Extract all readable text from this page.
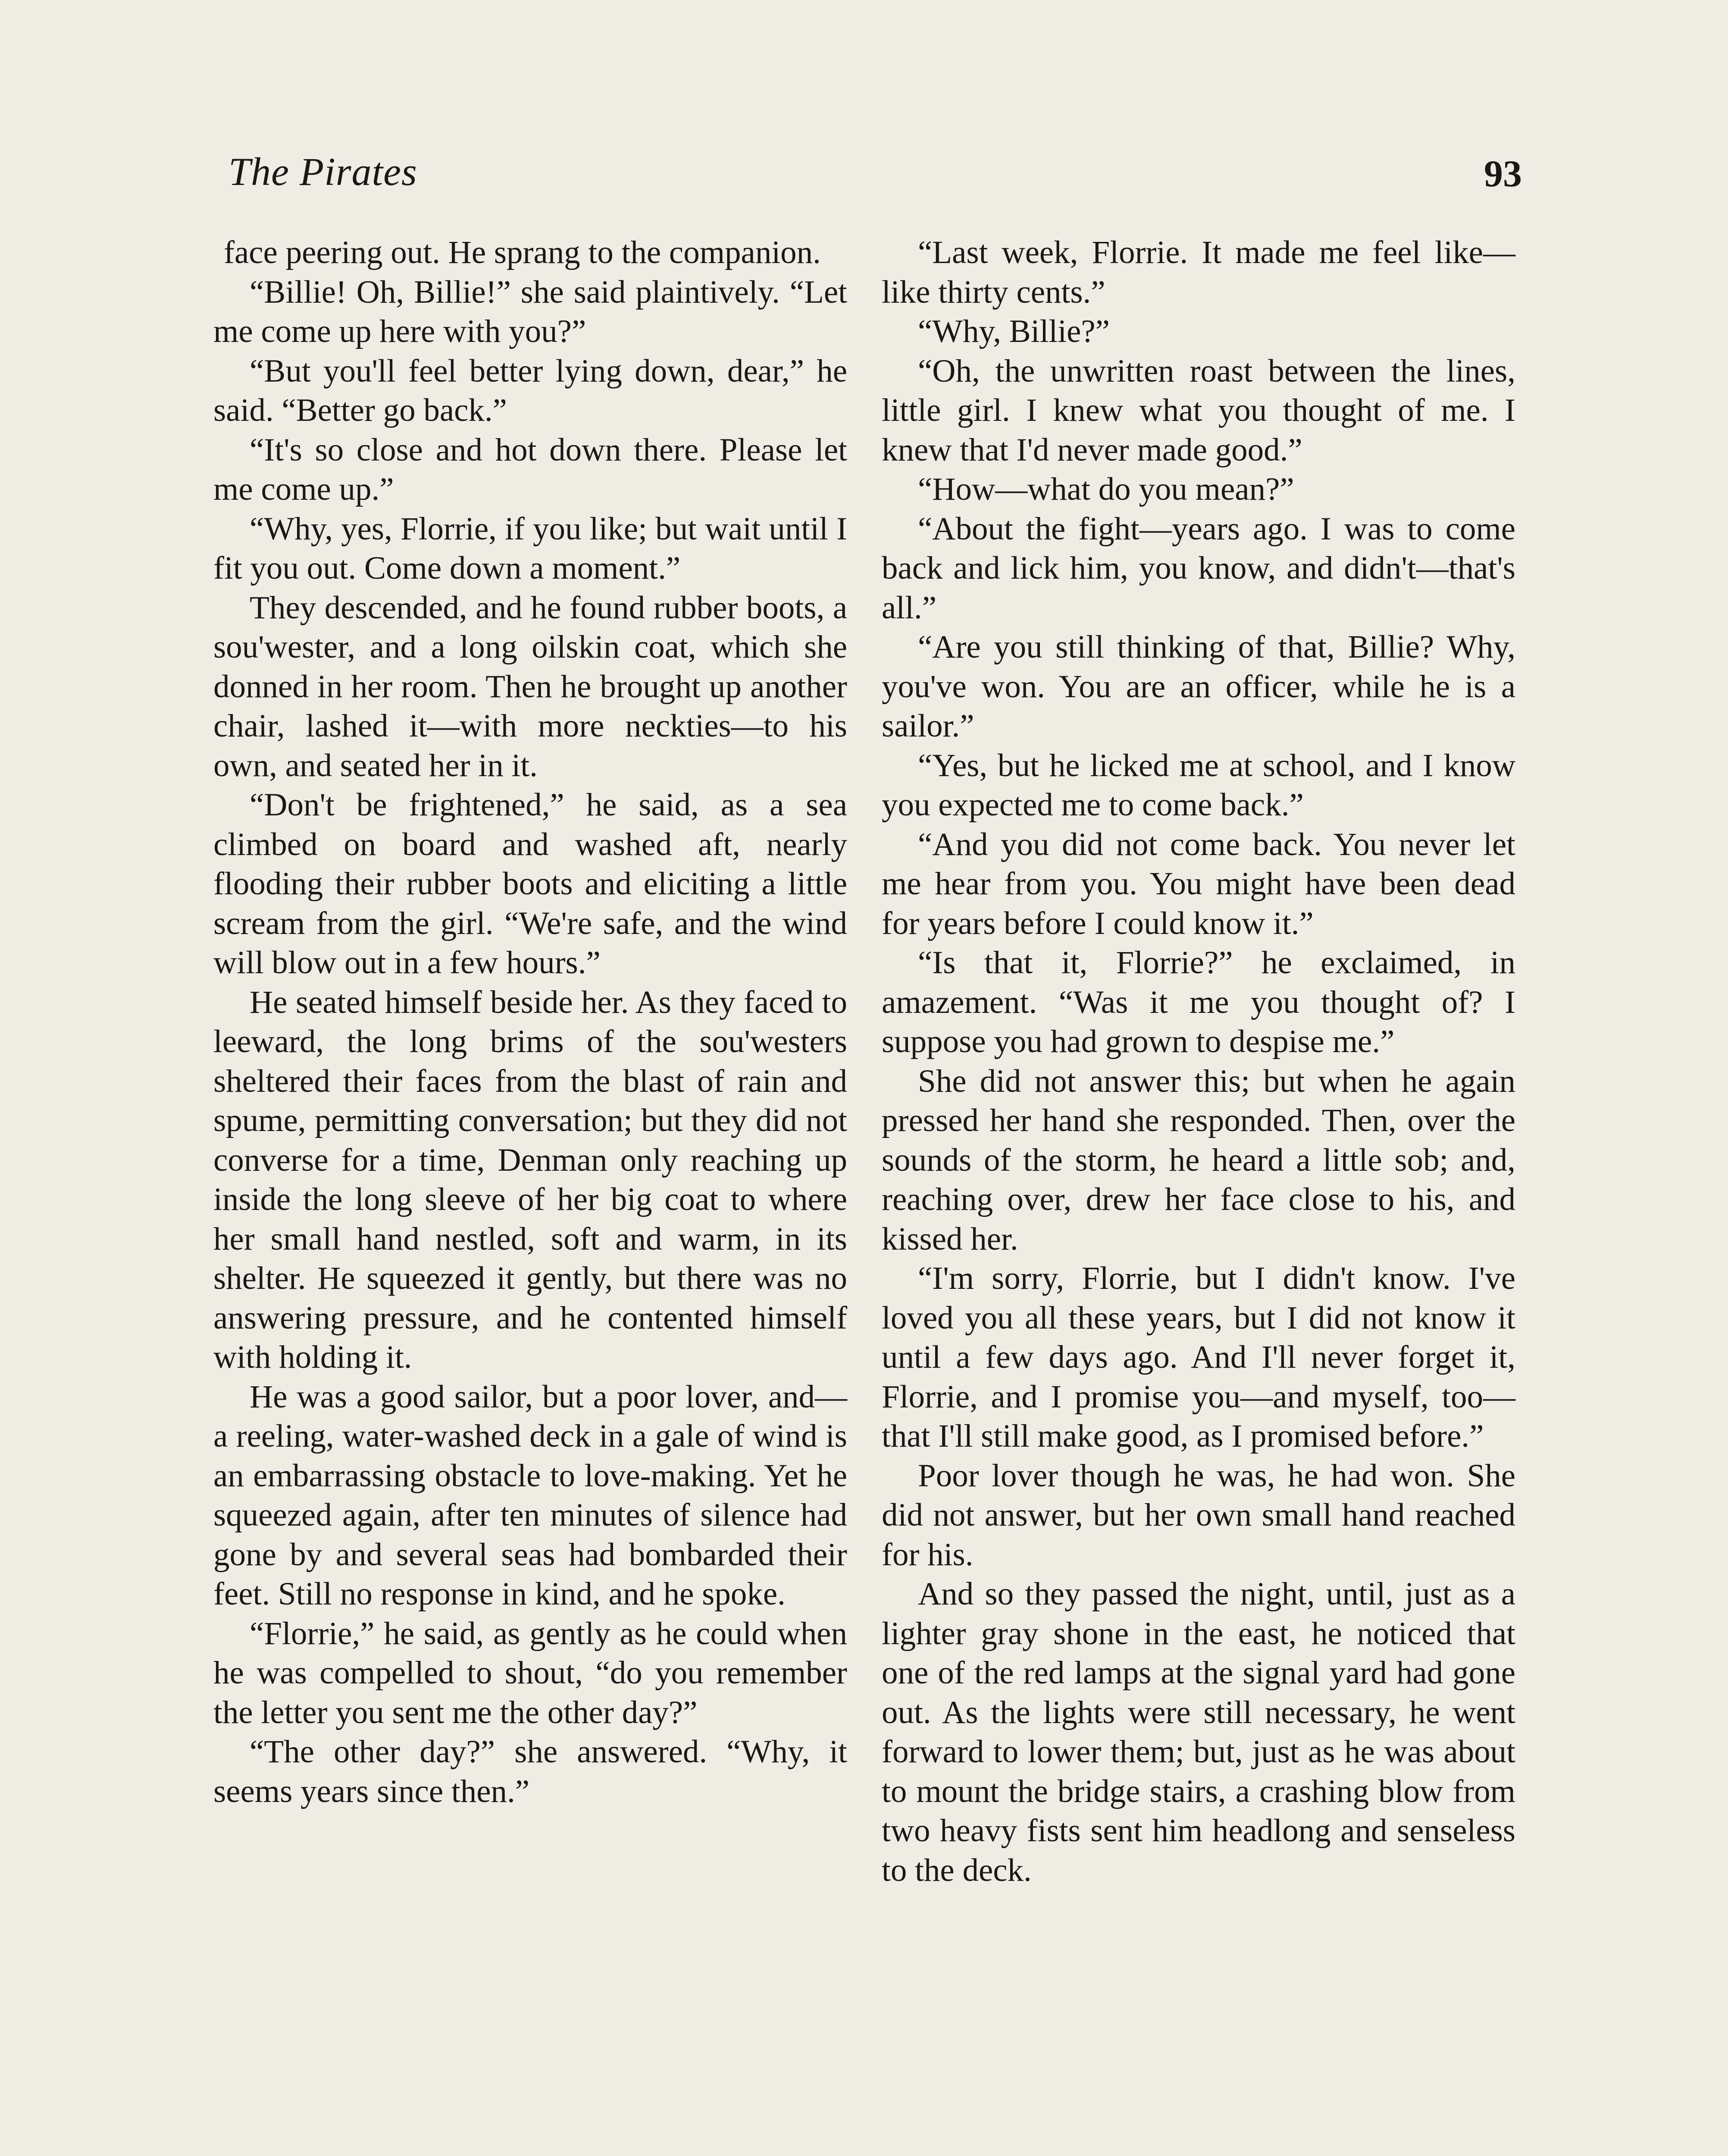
The Pirates	93

face peering out. He sprang to the companion.

“Billie! Oh, Billie!” she said plaintively. “Let me come up here with you?”

“But you'll feel better lying down, dear,” he said. “Better go back.”

“It's so close and hot down there. Please let me come up.”

“Why, yes, Florrie, if you like; but wait until I fit you out. Come down a moment.”

They descended, and he found rubber boots, a sou'wester, and a long oilskin coat, which she donned in her room. Then he brought up another chair, lashed it—with more neckties—to his own, and seated her in it.

“Don't be frightened,” he said, as a sea climbed on board and washed aft, nearly flooding their rubber boots and eliciting a little scream from the girl. “We're safe, and the wind will blow out in a few hours.”

He seated himself beside her. As they faced to leeward, the long brims of the sou'westers sheltered their faces from the blast of rain and spume, permitting conversation; but they did not converse for a time, Denman only reaching up inside the long sleeve of her big coat to where her small hand nestled, soft and warm, in its shelter. He squeezed it gently, but there was no answering pressure, and he contented himself with holding it.

He was a good sailor, but a poor lover, and—a reeling, water-washed deck in a gale of wind is an embarrassing obstacle to love-making. Yet he squeezed again, after ten minutes of silence had gone by and several seas had bombarded their feet. Still no response in kind, and he spoke.

“Florrie,” he said, as gently as he could when he was compelled to shout, “do you remember the letter you sent me the other day?”

“The other day?” she answered. “Why, it seems years since then.”

“Last week, Florrie. It made me feel like—like thirty cents.”

“Why, Billie?”

“Oh, the unwritten roast between the lines, little girl. I knew what you thought of me. I knew that I'd never made good.”

“How—what do you mean?”

“About the fight—years ago. I was to come back and lick him, you know, and didn't—that's all.”

“Are you still thinking of that, Billie? Why, you've won. You are an officer, while he is a sailor.”

“Yes, but he licked me at school, and I know you expected me to come back.”

“And you did not come back. You never let me hear from you. You might have been dead for years before I could know it.”

“Is that it, Florrie?” he exclaimed, in amazement. “Was it me you thought of? I suppose you had grown to despise me.”

She did not answer this; but when he again pressed her hand she responded. Then, over the sounds of the storm, he heard a little sob; and, reaching over, drew her face close to his, and kissed her.

“I'm sorry, Florrie, but I didn't know. I've loved you all these years, but I did not know it until a few days ago. And I'll never forget it, Florrie, and I promise you—and myself, too—that I'll still make good, as I promised before.”

Poor lover though he was, he had won. She did not answer, but her own small hand reached for his.

And so they passed the night, until, just as a lighter gray shone in the east, he noticed that one of the red lamps at the signal yard had gone out. As the lights were still necessary, he went forward to lower them; but, just as he was about to mount the bridge stairs, a crashing blow from two heavy fists sent him headlong and senseless to the deck.
